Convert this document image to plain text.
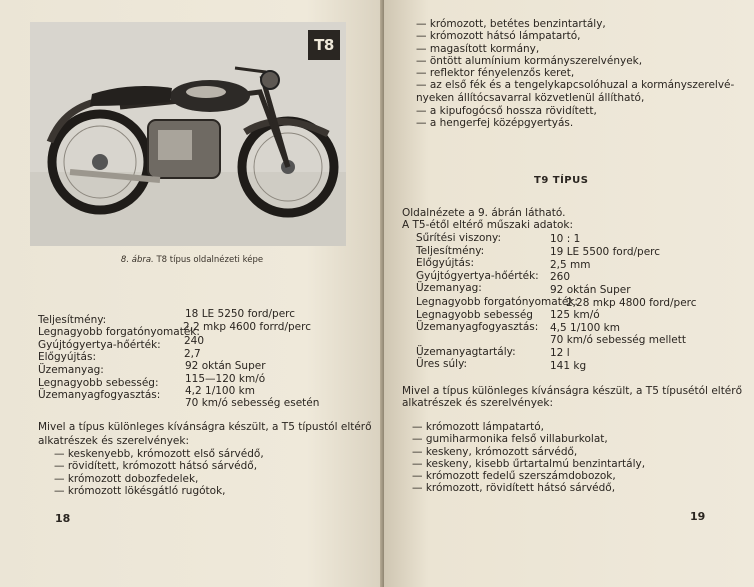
T8
8. ábra. T8 típus oldalnézeti képe
Teljesítmény:	18 LE 5250 ford/perc
Legnagyobb forgatónyomaték:
2,2 mkp 4600 forrd/perc
Gyújtógyertya-hőérték: 240
Előgyújtás:	2,7
Üzemanyag:	92 oktán Super
Legnagyobb sebesség:	115—120 km/ó
Üzemanyagfogyasztás: 4,2 1/100 km
70 km/ó sebesség esetén
Mivel a típus különleges kívánságra készült, a T5 típustól eltérő
alkatrészek és szerelvények:
— keskenyebb, krómozott első sárvédő,
— rövidített, krómozott hátsó sárvédő,
— krómozott dobozfedelek,
— krómozott lökésgátló rugótok,
18
— krómozott, betétes benzintartály,
— krómozott hátsó lámpatartó,
— magasított kormány,
— öntött alumínium kormányszerelvények,
— reflektor fényelenzős keret,
— az első fék és a tengelykapcsolóhuzal a kormányszerelvé-
nyeken állítócsavarral közvetlenül állítható,
— a kipufogócső hossza rövidített,
— a hengerfej középgyertyás.
T9 TÍPUS
Oldalnézete a 9. ábrán látható.
A T5-étől eltérő műszaki adatok:
Sűrítési viszony:	10 : 1
Teljesítmény:	19 LE 5500 ford/perc
Előgyújtás:	2,5 mm
Gyújtógyertya-hőérték: 260
Üzemanyag:	92 oktán Super
Legnagyobb forgatónyomaték:
2,28 mkp 4800 ford/perc
Legnagyobb sebesség 125 km/ó
Üzemanyagfogyasztás: 4,5 1/100 km
70 km/ó sebesség mellett
Üzemanyagtartály:	12 l
Üres súly:	141 kg
Mivel a típus különleges kívánságra készült, a T5 típusétól eltérő
alkatrészek és szerelvények:
— krómozott lámpatartó,
— gumiharmonika felső villaburkolat,
— keskeny, krómozott sárvédő,
— keskeny, kisebb űrtartalmú benzintartály,
— krómozott fedelű szerszámdobozok,
— krómozott, rövidített hátsó sárvédő,
19
